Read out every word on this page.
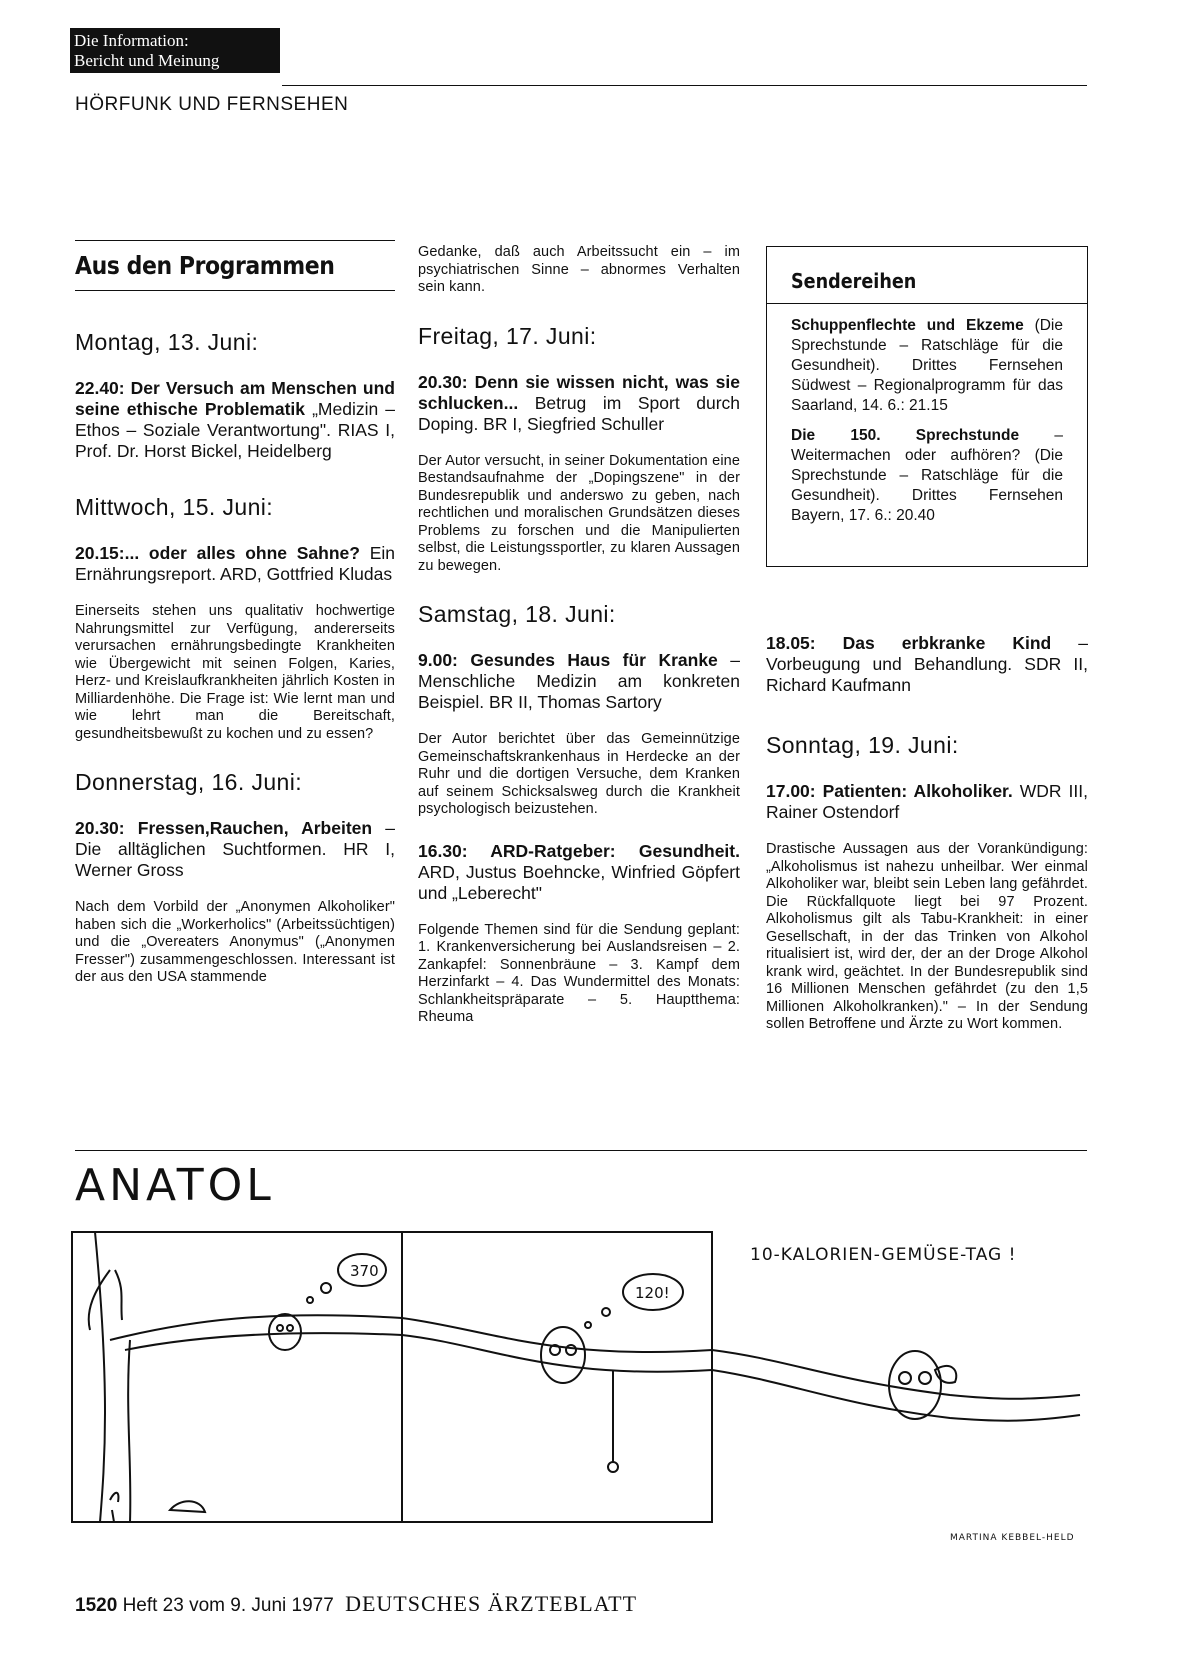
Die Information:
Bericht und Meinung
HÖRFUNK UND FERNSEHEN
Aus den Programmen
Montag, 13. Juni:
22.40: Der Versuch am Menschen und seine ethische Problematik „Medizin – Ethos – Soziale Verantwortung". RIAS I, Prof. Dr. Horst Bickel, Heidelberg
Mittwoch, 15. Juni:
20.15:... oder alles ohne Sahne? Ein Ernährungsreport. ARD, Gottfried Kludas
Einerseits stehen uns qualitativ hochwertige Nahrungsmittel zur Verfügung, andererseits verursachen ernährungsbedingte Krankheiten wie Übergewicht mit seinen Folgen, Karies, Herz- und Kreislaufkrankheiten jährlich Kosten in Milliardenhöhe. Die Frage ist: Wie lernt man und wie lehrt man die Bereitschaft, gesundheitsbewußt zu kochen und zu essen?
Donnerstag, 16. Juni:
20.30: Fressen,Rauchen, Arbeiten – Die alltäglichen Suchtformen. HR I, Werner Gross
Nach dem Vorbild der „Anonymen Alkoholiker" haben sich die „Workerholics" (Arbeitssüchtigen) und die „Overeaters Anonymus" („Anonymen Fresser") zusammengeschlossen. Interessant ist der aus den USA stammende
Gedanke, daß auch Arbeitssucht ein – im psychiatrischen Sinne – abnormes Verhalten sein kann.
Freitag, 17. Juni:
20.30: Denn sie wissen nicht, was sie schlucken... Betrug im Sport durch Doping. BR I, Siegfried Schuller
Der Autor versucht, in seiner Dokumentation eine Bestandsaufnahme der „Dopingszene" in der Bundesrepublik und anderswo zu geben, nach rechtlichen und moralischen Grundsätzen dieses Problems zu forschen und die Manipulierten selbst, die Leistungssportler, zu klaren Aussagen zu bewegen.
Samstag, 18. Juni:
9.00: Gesundes Haus für Kranke – Menschliche Medizin am konkreten Beispiel. BR II, Thomas Sartory
Der Autor berichtet über das Gemeinnützige Gemeinschaftskrankenhaus in Herdecke an der Ruhr und die dortigen Versuche, dem Kranken auf seinem Schicksalsweg durch die Krankheit psychologisch beizustehen.
16.30: ARD-Ratgeber: Gesundheit. ARD, Justus Boehncke, Winfried Göpfert und „Leberecht"
Folgende Themen sind für die Sendung geplant: 1. Krankenversicherung bei Auslandsreisen – 2. Zankapfel: Sonnenbräune – 3. Kampf dem Herzinfarkt – 4. Das Wundermittel des Monats: Schlankheitspräparate – 5. Hauptthema: Rheuma
Sendereihen
Schuppenflechte und Ekzeme (Die Sprechstunde – Ratschläge für die Gesundheit). Drittes Fernsehen Südwest – Regionalprogramm für das Saarland, 14. 6.: 21.15
Die 150. Sprechstunde – Weitermachen oder aufhören? (Die Sprechstunde – Ratschläge für die Gesundheit). Drittes Fernsehen Bayern, 17. 6.: 20.40
18.05: Das erbkranke Kind – Vorbeugung und Behandlung. SDR II, Richard Kaufmann
Sonntag, 19. Juni:
17.00: Patienten: Alkoholiker. WDR III, Rainer Ostendorf
Drastische Aussagen aus der Vorankündigung: „Alkoholismus ist nahezu unheilbar. Wer einmal Alkoholiker war, bleibt sein Leben lang gefährdet. Die Rückfallquote liegt bei 97 Prozent. Alkoholismus gilt als Tabu-Krankheit: in einer Gesellschaft, in der das Trinken von Alkohol ritualisiert ist, wird der, der an der Droge Alkohol krank wird, geächtet. In der Bundesrepublik sind 16 Millionen Menschen gefährdet (zu den 1,5 Millionen Alkoholkranken)." – In der Sendung sollen Betroffene und Ärzte zu Wort kommen.
ANATOL
370
120!
10-KALORIEN-GEMÜSE-TAG !
MARTINA KEBBEL-HELD
1520 Heft 23 vom 9. Juni 1977 DEUTSCHES ÄRZTEBLATT
